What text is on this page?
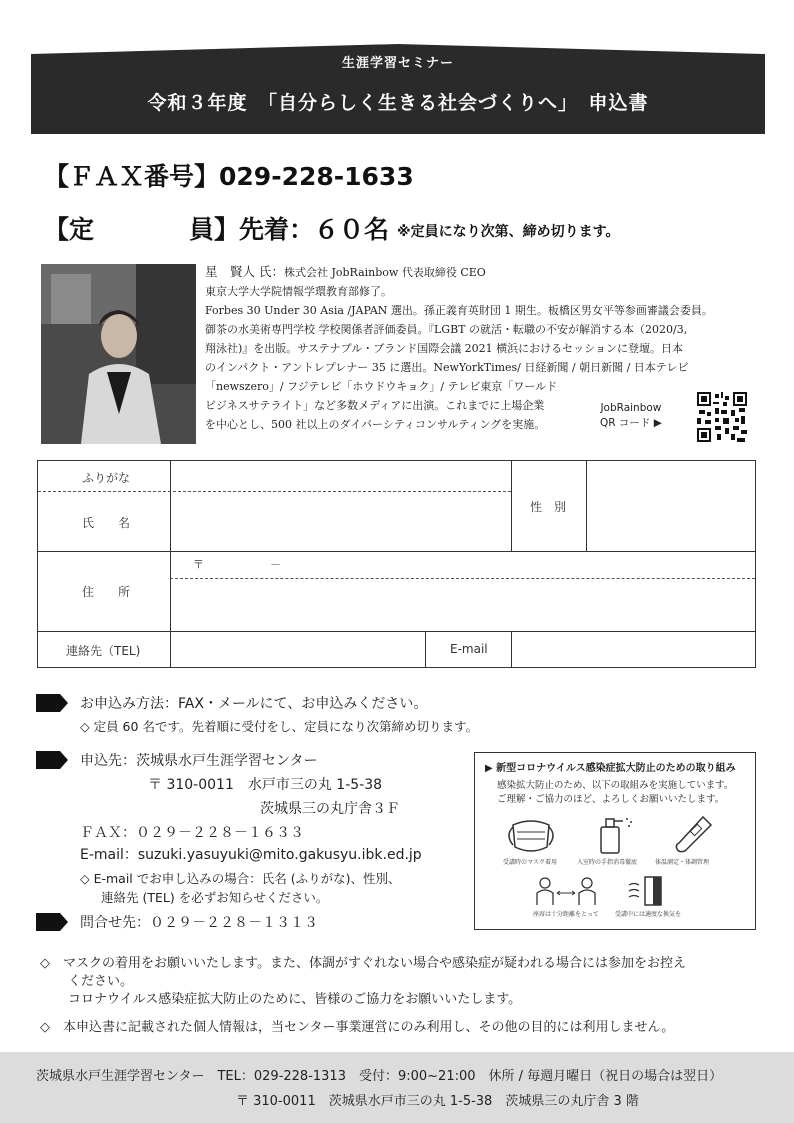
生涯学習セミナー
令和３年度　「自分らしく生きる社会づくりへ」　申込書
【ＦＡＸ番号】029-228-1633
【定	員】先着：６０名 ※定員になり次第、締め切ります。
星　賢人 氏：株式会社 JobRainbow 代表取締役 CEO
東京大学大学院情報学環教育部修了。
Forbes 30 Under 30 Asia /JAPAN 選出。孫正義育英財団 1 期生。板橋区男女平等参画審議会委員。
御茶の水美術専門学校 学校関係者評価委員。『LGBT の就活・転職の不安が解消する本（2020/3,
翔泳社)』を出版。サステナブル・ブランド国際会議 2021 横浜におけるセッションに登壇。日本
のインパクト・アントレプレナー 35 に選出。NewYorkTimes/ 日経新聞 / 朝日新聞 / 日本テレビ
「newszero」/ フジテレビ「ホウドウキョク」/ テレビ東京「ワールド
ビジネスサテライト」など多数メディアに出演。これまでに上場企業
を中心とし、500 社以上のダイバーシティコンサルティングを実施。
JobRainbow
QR コード ▶
ふりがな
氏　　名
性　別
住　　所
〒　　　　　　－
連絡先（TEL)	E-mail
お申込み方法：FAX・メールにて、お申込みください。
◇ 定員 60 名です。先着順に受付をし、定員になり次第締め切ります。
申込先：茨城県水戸生涯学習センター
〒 310-0011　水戸市三の丸 1-5-38
茨城県三の丸庁舎３Ｆ
ＦＡＸ：０２９－２２８－１６３３
E-mail：suzuki.yasuyuki@mito.gakusyu.ibk.ed.jp
◇ E-mail でお申し込みの場合：氏名 (ふりがな)、性別、
連絡先 (TEL) を必ずお知らせください。
問合せ先：０２９－２２８－１３１３
▶ 新型コロナウイルス感染症拡大防止のための取り組み
感染拡大防止のため、以下の取組みを実施しています。
ご理解・ご協力のほど、よろしくお願いいたします。
受講時のマスク着用	入室時の手指消毒徹底	体温測定・体調管理
座席は十分距離をとって	受講中には適度な換気を
◇　マスクの着用をお願いいたします。また、体調がすぐれない場合や感染症が疑われる場合には参加をお控え
ください。
コロナウイルス感染症拡大防止のために、皆様のご協力をお願いいたします。
◇　本申込書に記載された個人情報は，当センター事業運営にのみ利用し、その他の目的には利用しません。
茨城県水戸生涯学習センター　TEL：029-228-1313　受付：9:00~21:00　休所 / 毎週月曜日（祝日の場合は翌日）
〒 310-0011　茨城県水戸市三の丸 1-5-38　茨城県三の丸庁舎 3 階
